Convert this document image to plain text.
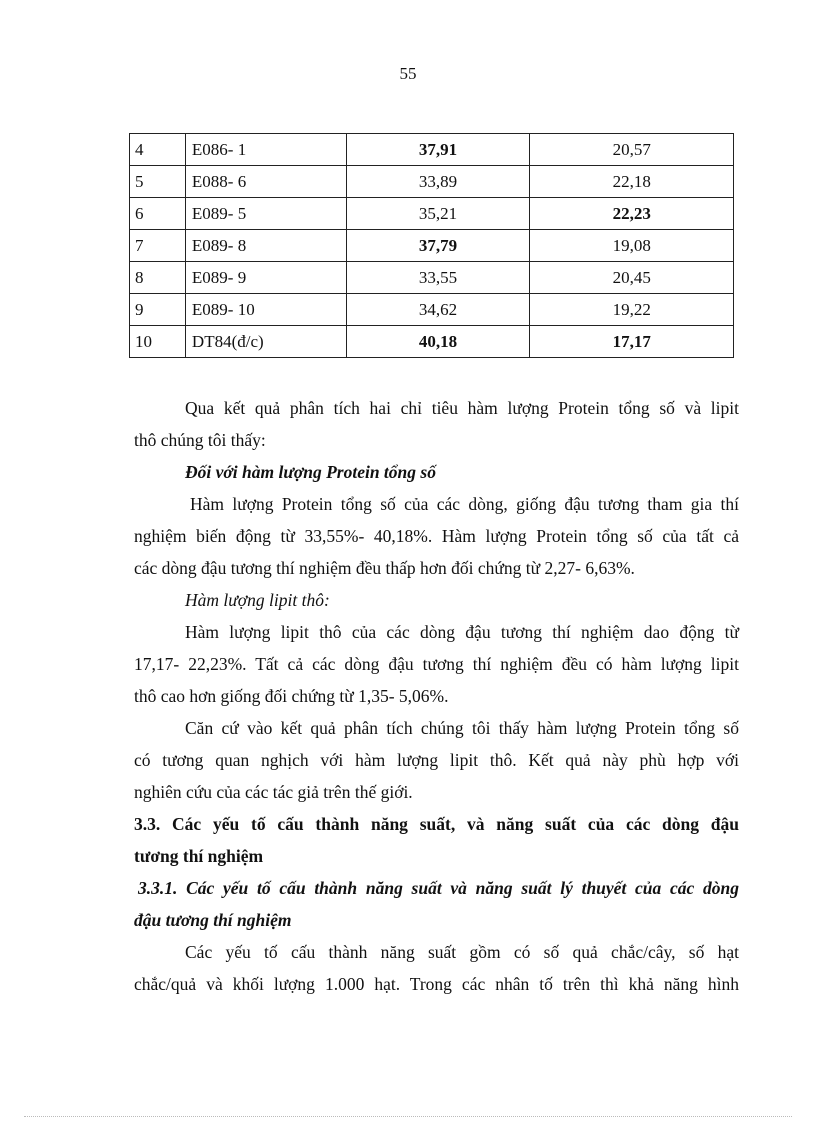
55
4	E086- 1	37,91	20,57
5	E088- 6	33,89	22,18
6	E089- 5	35,21	22,23
7	E089- 8	37,79	19,08
8	E089- 9	33,55	20,45
9	E089- 10	34,62	19,22
10	DT84(đ/c)	40,18	17,17
Qua kết quả phân tích hai chỉ tiêu hàm lượng Protein tổng số và lipit
thô chúng tôi thấy:
Đối với hàm lượng Protein tổng số
Hàm lượng Protein tổng số của các dòng, giống đậu tương tham gia thí
nghiệm biến động từ 33,55%- 40,18%. Hàm lượng Protein tổng số của tất cả
các dòng đậu tương thí nghiệm đều thấp hơn đối chứng từ 2,27- 6,63%.
Hàm lượng lipit thô:
Hàm lượng lipit thô của các dòng đậu tương thí nghiệm dao động từ
17,17- 22,23%. Tất cả các dòng đậu tương thí nghiệm đều có hàm lượng lipit
thô cao hơn giống đối chứng từ 1,35- 5,06%.
Căn cứ vào kết quả phân tích chúng tôi thấy hàm lượng Protein tổng số
có tương quan nghịch với hàm lượng lipit thô. Kết quả này phù hợp với
nghiên cứu của các tác giả trên thế giới.
3.3. Các yếu tố cấu thành năng suất, và năng suất của các dòng đậu
tương thí nghiệm
3.3.1. Các yếu tố cấu thành năng suất và năng suất lý thuyết của các dòng
đậu tương thí nghiệm
Các yếu tố cấu thành năng suất gồm có số quả chắc/cây, số hạt
chắc/quả và khối lượng 1.000 hạt. Trong các nhân tố trên thì khả năng hình
